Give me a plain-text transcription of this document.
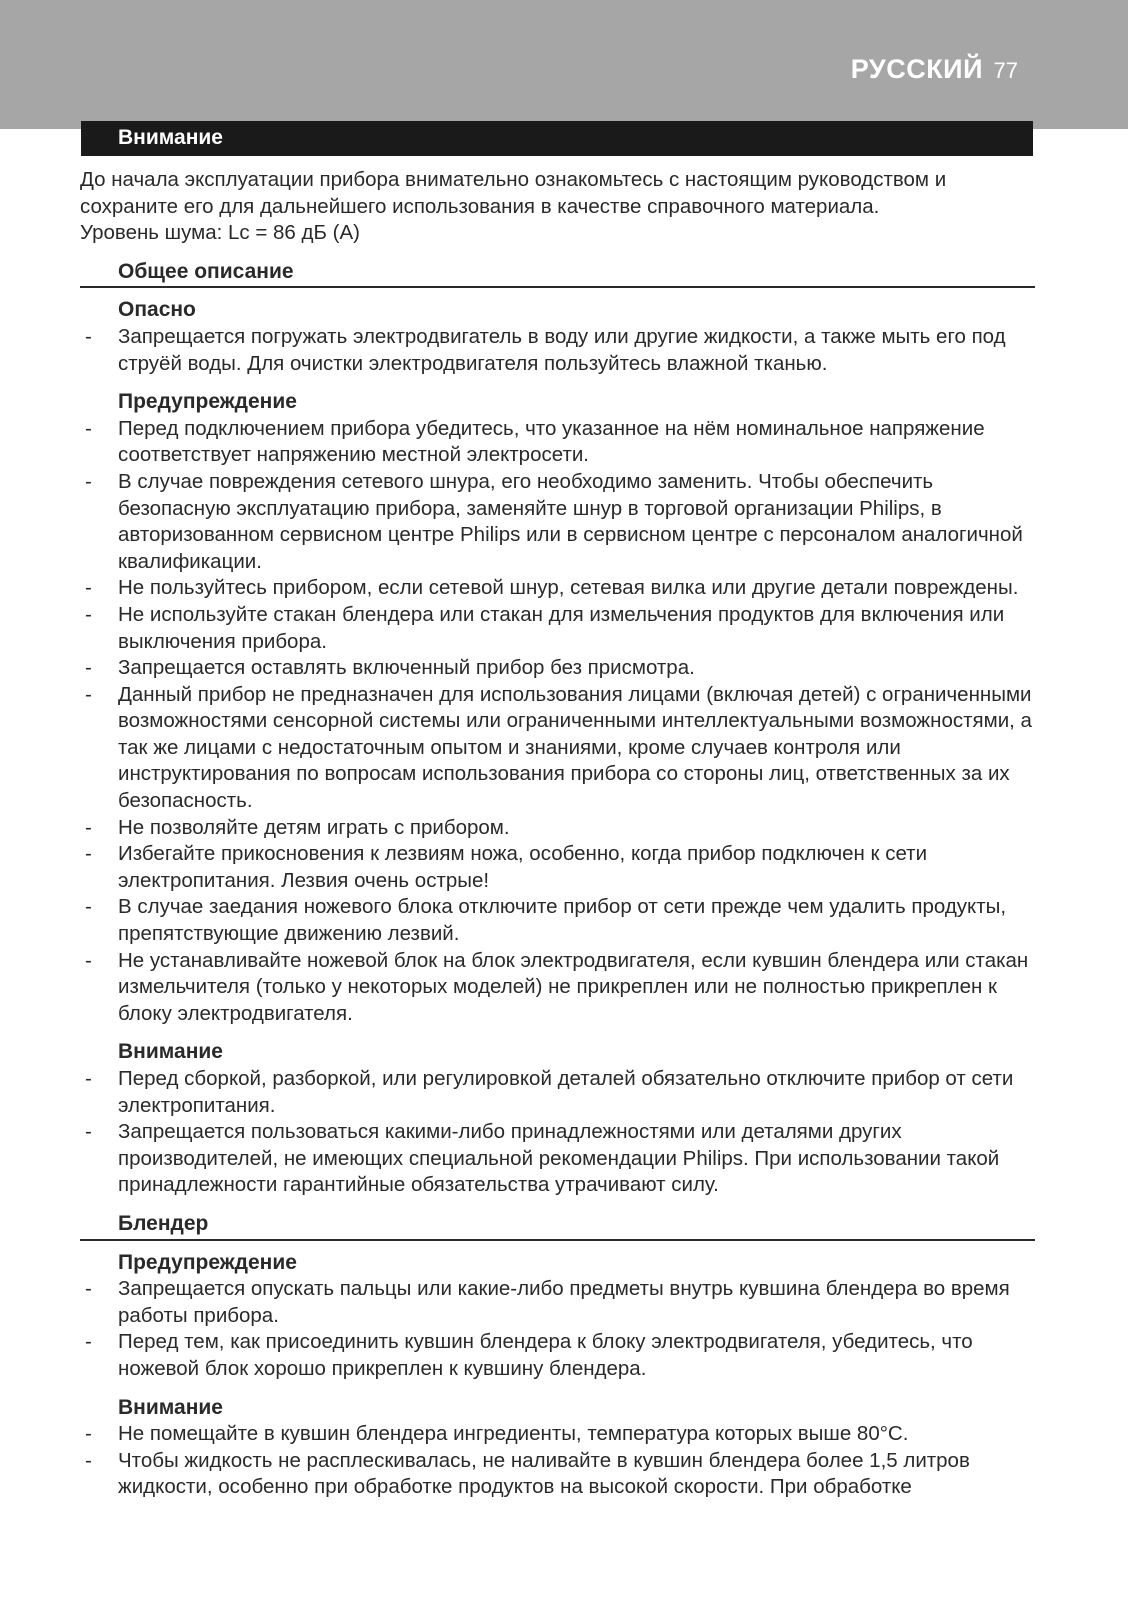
РУССКИЙ 77
Внимание

До начала эксплуатации прибора внимательно ознакомьтесь с настоящим руководством и сохраните его для дальнейшего использования в качестве справочного материала.

Уровень шума: Lc = 86 дБ (A)

Общее описание
Опасно
- Запрещается погружать электродвигатель в воду или другие жидкости, а также мыть его под струёй воды. Для очистки электродвигателя пользуйтесь влажной тканью.
Предупреждение
- Перед подключением прибора убедитесь, что указанное на нём номинальное напряжение соответствует напряжению местной электросети.
- В случае повреждения сетевого шнура, его необходимо заменить. Чтобы обеспечить безопасную эксплуатацию прибора, заменяйте шнур в торговой организации Philips, в авторизованном сервисном центре Philips или в сервисном центре с персоналом аналогичной квалификации.
- Не пользуйтесь прибором, если сетевой шнур, сетевая вилка или другие детали повреждены.
- Не используйте стакан блендера или стакан для измельчения продуктов для включения или выключения прибора.
- Запрещается оставлять включенный прибор без присмотра.
- Данный прибор не предназначен для использования лицами (включая детей) с ограниченными возможностями сенсорной системы или ограниченными интеллектуальными возможностями, а так же лицами с недостаточным опытом и знаниями, кроме случаев контроля или инструктирования по вопросам использования прибора со стороны лиц, ответственных за их безопасность.
- Не позволяйте детям играть с прибором.
- Избегайте прикосновения к лезвиям ножа, особенно, когда прибор подключен к сети электропитания. Лезвия очень острые!
- В случае заедания ножевого блока отключите прибор от сети прежде чем удалить продукты, препятствующие движению лезвий.
- Не устанавливайте ножевой блок на блок электродвигателя, если кувшин блендера или стакан измельчителя (только у некоторых моделей) не прикреплен или не полностью прикреплен к блоку электродвигателя.
Внимание
- Перед сборкой, разборкой, или регулировкой деталей обязательно отключите прибор от сети электропитания.
- Запрещается пользоваться какими-либо принадлежностями или деталями других производителей, не имеющих специальной рекомендации Philips. При использовании такой принадлежности гарантийные обязательства утрачивают силу.
Блендер
Предупреждение
- Запрещается опускать пальцы или какие-либо предметы внутрь кувшина блендера во время работы прибора.
- Перед тем, как присоединить кувшин блендера к блоку электродвигателя, убедитесь, что ножевой блок хорошо прикреплен к кувшину блендера.
Внимание
- Не помещайте в кувшин блендера ингредиенты, температура которых выше 80°C.
- Чтобы жидкость не расплескивалась, не наливайте в кувшин блендера более 1,5 литров жидкости, особенно при обработке продуктов на высокой скорости. При обработке
